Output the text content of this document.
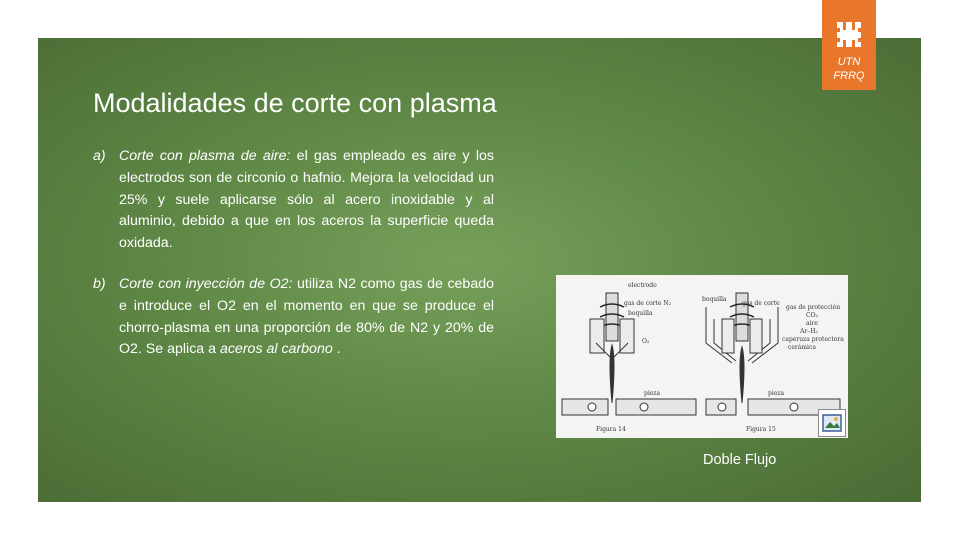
UTN
FRRQ
Modalidades de corte con plasma
a) Corte con plasma de aire: el gas empleado es aire y los electrodos son de circonio o hafnio. Mejora la velocidad un 25% y suele aplicarse sólo al acero inoxidable y al aluminio, debido a que en los aceros la superficie queda oxidada.
b) Corte con inyección de O2: utiliza N2 como gas de cebado e introduce el O2 en el momento en que se produce el chorro-plasma en una proporción de 80% de N2 y 20% de O2. Se aplica a aceros al carbono .
electrodo
gas de corte N₂
boquilla
O₂
pieza
boquilla
gas de corte
gas de protección
CO₂
aire
Ar–H₂
caperuza protectora
cerámica
pieza
Figura 14	Figura 15
Doble Flujo
